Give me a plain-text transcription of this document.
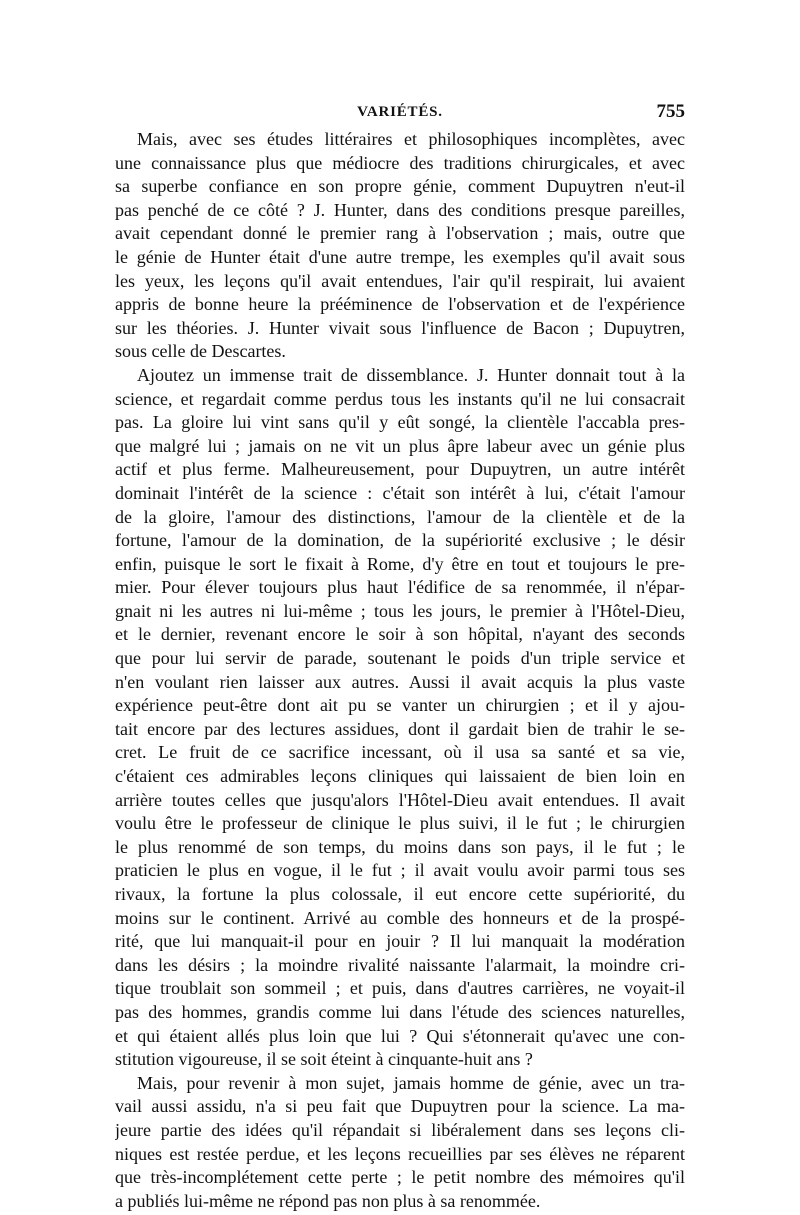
VARIÉTÉS.	755
Mais, avec ses études littéraires et philosophiques incomplètes, avec
une connaissance plus que médiocre des traditions chirurgicales, et avec
sa superbe confiance en son propre génie, comment Dupuytren n'eut-il
pas penché de ce côté ? J. Hunter, dans des conditions presque pareilles,
avait cependant donné le premier rang à l'observation ; mais, outre que
le génie de Hunter était d'une autre trempe, les exemples qu'il avait sous
les yeux, les leçons qu'il avait entendues, l'air qu'il respirait, lui avaient
appris de bonne heure la prééminence de l'observation et de l'expérience
sur les théories. J. Hunter vivait sous l'influence de Bacon ; Dupuytren,
sous celle de Descartes.
Ajoutez un immense trait de dissemblance. J. Hunter donnait tout à la
science, et regardait comme perdus tous les instants qu'il ne lui consacrait
pas. La gloire lui vint sans qu'il y eût songé, la clientèle l'accabla pres-
que malgré lui ; jamais on ne vit un plus âpre labeur avec un génie plus
actif et plus ferme. Malheureusement, pour Dupuytren, un autre intérêt
dominait l'intérêt de la science : c'était son intérêt à lui, c'était l'amour
de la gloire, l'amour des distinctions, l'amour de la clientèle et de la
fortune, l'amour de la domination, de la supériorité exclusive ; le désir
enfin, puisque le sort le fixait à Rome, d'y être en tout et toujours le pre-
mier. Pour élever toujours plus haut l'édifice de sa renommée, il n'épar-
gnait ni les autres ni lui-même ; tous les jours, le premier à l'Hôtel-Dieu,
et le dernier, revenant encore le soir à son hôpital, n'ayant des seconds
que pour lui servir de parade, soutenant le poids d'un triple service et
n'en voulant rien laisser aux autres. Aussi il avait acquis la plus vaste
expérience peut-être dont ait pu se vanter un chirurgien ; et il y ajou-
tait encore par des lectures assidues, dont il gardait bien de trahir le se-
cret. Le fruit de ce sacrifice incessant, où il usa sa santé et sa vie,
c'étaient ces admirables leçons cliniques qui laissaient de bien loin en
arrière toutes celles que jusqu'alors l'Hôtel-Dieu avait entendues. Il avait
voulu être le professeur de clinique le plus suivi, il le fut ; le chirurgien
le plus renommé de son temps, du moins dans son pays, il le fut ; le
praticien le plus en vogue, il le fut ; il avait voulu avoir parmi tous ses
rivaux, la fortune la plus colossale, il eut encore cette supériorité, du
moins sur le continent. Arrivé au comble des honneurs et de la prospé-
rité, que lui manquait-il pour en jouir ? Il lui manquait la modération
dans les désirs ; la moindre rivalité naissante l'alarmait, la moindre cri-
tique troublait son sommeil ; et puis, dans d'autres carrières, ne voyait-il
pas des hommes, grandis comme lui dans l'étude des sciences naturelles,
et qui étaient allés plus loin que lui ? Qui s'étonnerait qu'avec une con-
stitution vigoureuse, il se soit éteint à cinquante-huit ans ?
Mais, pour revenir à mon sujet, jamais homme de génie, avec un tra-
vail aussi assidu, n'a si peu fait que Dupuytren pour la science. La ma-
jeure partie des idées qu'il répandait si libéralement dans ses leçons cli-
niques est restée perdue, et les leçons recueillies par ses élèves ne réparent
que très-incomplétement cette perte ; le petit nombre des mémoires qu'il
a publiés lui-même ne répond pas non plus à sa renommée.
